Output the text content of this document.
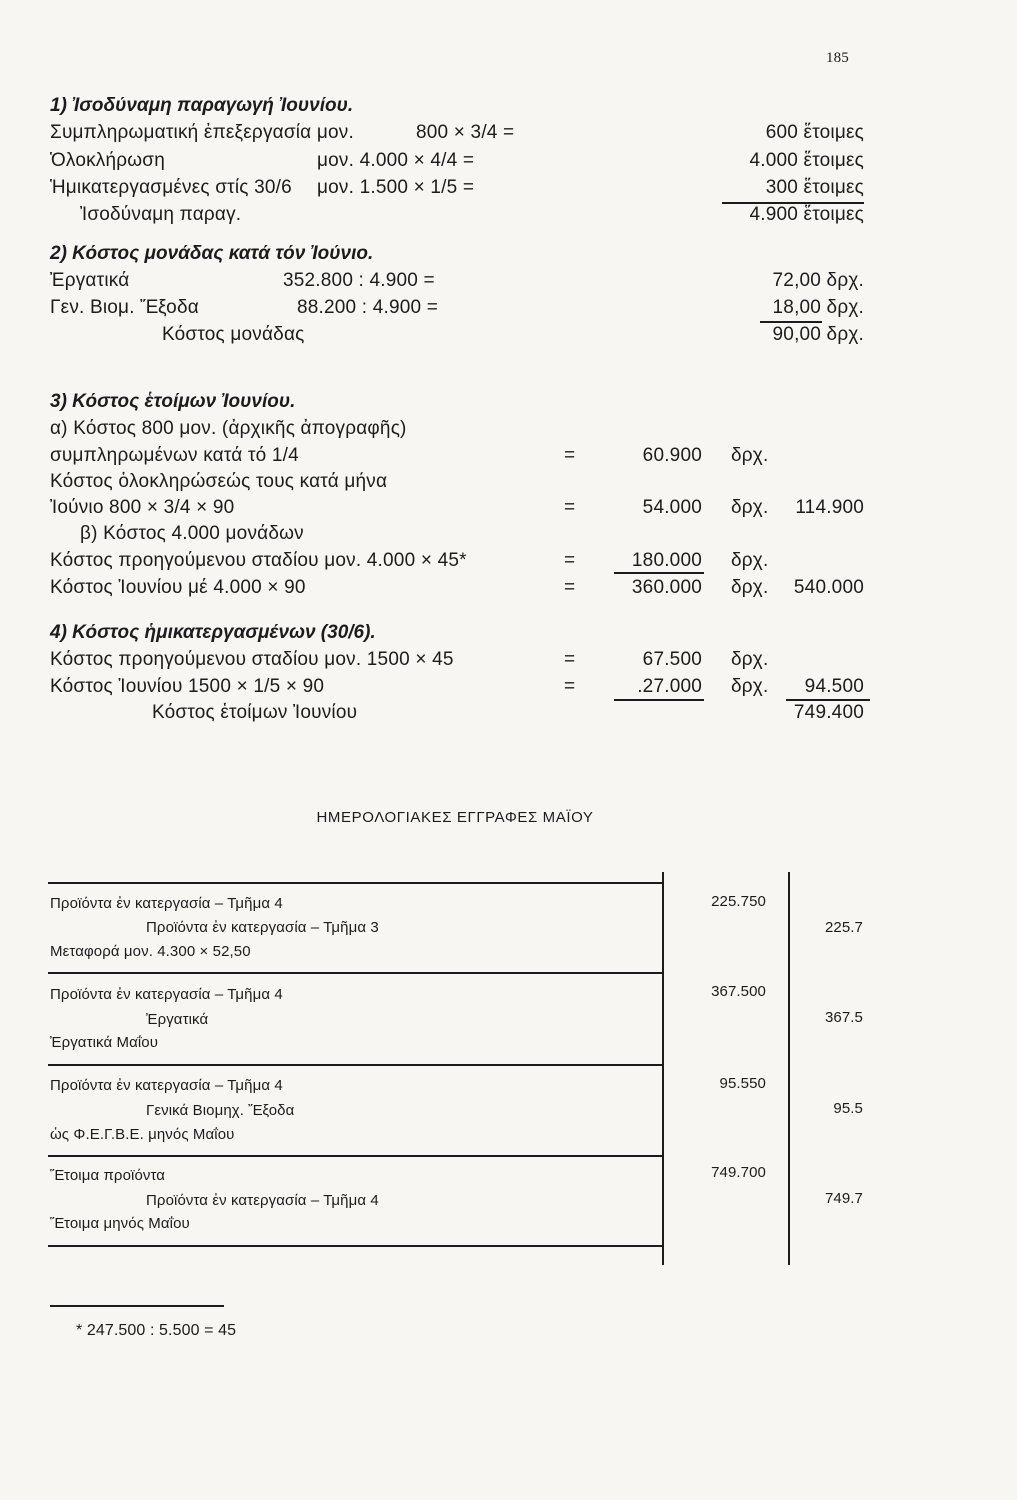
185
1) Ἰσοδύναμη παραγωγή Ἰουνίου.
Συμπληρωματική ἐπεξεργασία μον.	800 × 3/4 =	600 ἕτοιμες
Ὁλοκλήρωση	μον. 4.000 × 4/4 =	4.000 ἕτοιμες
Ἡμικατεργασμένες στίς 30/6 μον. 1.500 × 1/5 =	300 ἕτοιμες
Ἰσοδύναμη παραγ.	4.900 ἕτοιμες
2) Κόστος μονάδας κατά τόν Ἰούνιο.
Ἐργατικά	352.800 : 4.900 =	72,00 δρχ.
Γεν. Βιομ. Ἔξοδα	88.200 : 4.900 =	18,00 δρχ.
Κόστος μονάδας	90,00 δρχ.
3) Κόστος ἑτοίμων Ἰουνίου.
α) Κόστος 800 μον. (ἀρχικῆς ἀπογραφῆς)
συμπληρωμένων κατά τό 1/4	=	60.900 δρχ.
Κόστος ὁλοκληρώσεώς τους κατά μήνα
Ἰούνιο 800 × 3/4 × 90	=	54.000 δρχ.	114.900
β) Κόστος 4.000 μονάδων
Κόστος προηγούμενου σταδίου μον. 4.000 × 45*	=	180.000 δρχ.
Κόστος Ἰουνίου μέ 4.000 × 90	=	360.000 δρχ.	540.000
4) Κόστος ἡμικατεργασμένων (30/6).
Κόστος προηγούμενου σταδίου μον. 1500 × 45	=	67.500 δρχ.
Κόστος Ἰουνίου 1500 × 1/5 × 90	=	.27.000 δρχ.	94.500
Κόστος ἑτοίμων Ἰουνίου	749.400
ΗΜΕΡΟΛΟΓΙΑΚΕΣ ΕΓΓΡΑΦΕΣ ΜΑΪΟΥ
Προϊόντα ἐν κατεργασία – Τμῆμα 4	225.750
Προϊόντα ἐν κατεργασία – Τμῆμα 3	225.7
Μεταφορά μον. 4.300 × 52,50
Προϊόντα ἐν κατεργασία – Τμῆμα 4	367.500
Ἐργατικά	367.5
Ἐργατικά Μαΐου
Προϊόντα ἐν κατεργασία – Τμῆμα 4	95.550
Γενικά Βιομηχ. Ἔξοδα	95.5
ὡς Φ.Ε.Γ.Β.Ε. μηνός Μαΐου
Ἕτοιμα προϊόντα	749.700
Προϊόντα ἐν κατεργασία – Τμῆμα 4	749.7
Ἕτοιμα μηνός Μαΐου
* 247.500 : 5.500 = 45
